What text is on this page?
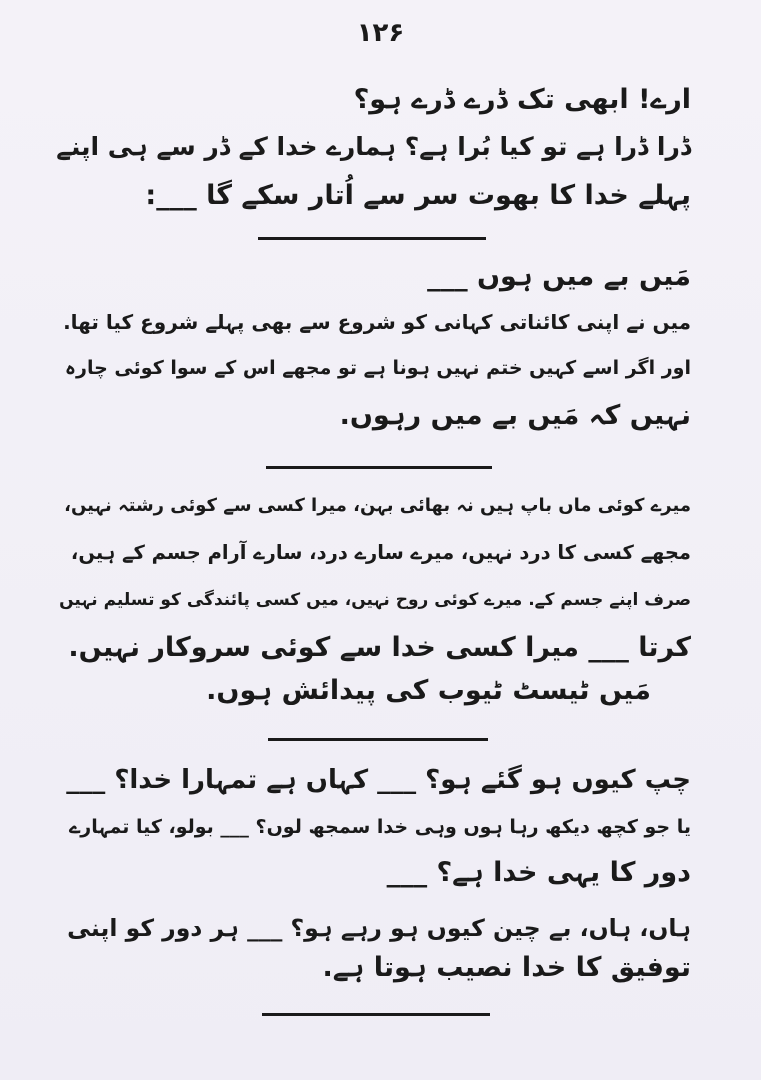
۱۲۶
ارے! ابھی تک ڈرے ڈرے ہو؟
ڈرا ڈرا ہے تو کیا بُرا ہے؟ ہمارے خدا کے ڈر سے ہی اپنے
پہلے خدا کا بھوت سر سے اُتار سکے گا ___:
مَیں بے میں ہوں ___
میں نے اپنی کائناتی کہانی کو شروع سے بھی پہلے شروع کیا تھا.
اور اگر اسے کہیں ختم نہیں ہونا ہے تو مجھے اس کے سوا کوئی چارہ
نہیں کہ مَیں بے میں رہوں.
میرے کوئی ماں باپ ہیں نہ بھائی بہن، میرا کسی سے کوئی رشتہ نہیں،
مجھے کسی کا درد نہیں، میرے سارے درد، سارے آرام جسم کے ہیں،
صرف اپنے جسم کے. میرے کوئی روح نہیں، میں کسی پائندگی کو تسلیم نہیں
کرتا ___ میرا کسی خدا سے کوئی سروکار نہیں.
مَیں ٹیسٹ ٹیوب کی پیدائش ہوں.
چپ کیوں ہو گئے ہو؟ ___ کہاں ہے تمہارا خدا؟ ___
یا جو کچھ دیکھ رہا ہوں وہی خدا سمجھ لوں؟ ___ بولو، کیا تمہارے
دور کا یہی خدا ہے؟ ___
ہاں، ہاں، بے چین کیوں ہو رہے ہو؟ ___ ہر دور کو اپنی
توفیق کا خدا نصیب ہوتا ہے.
